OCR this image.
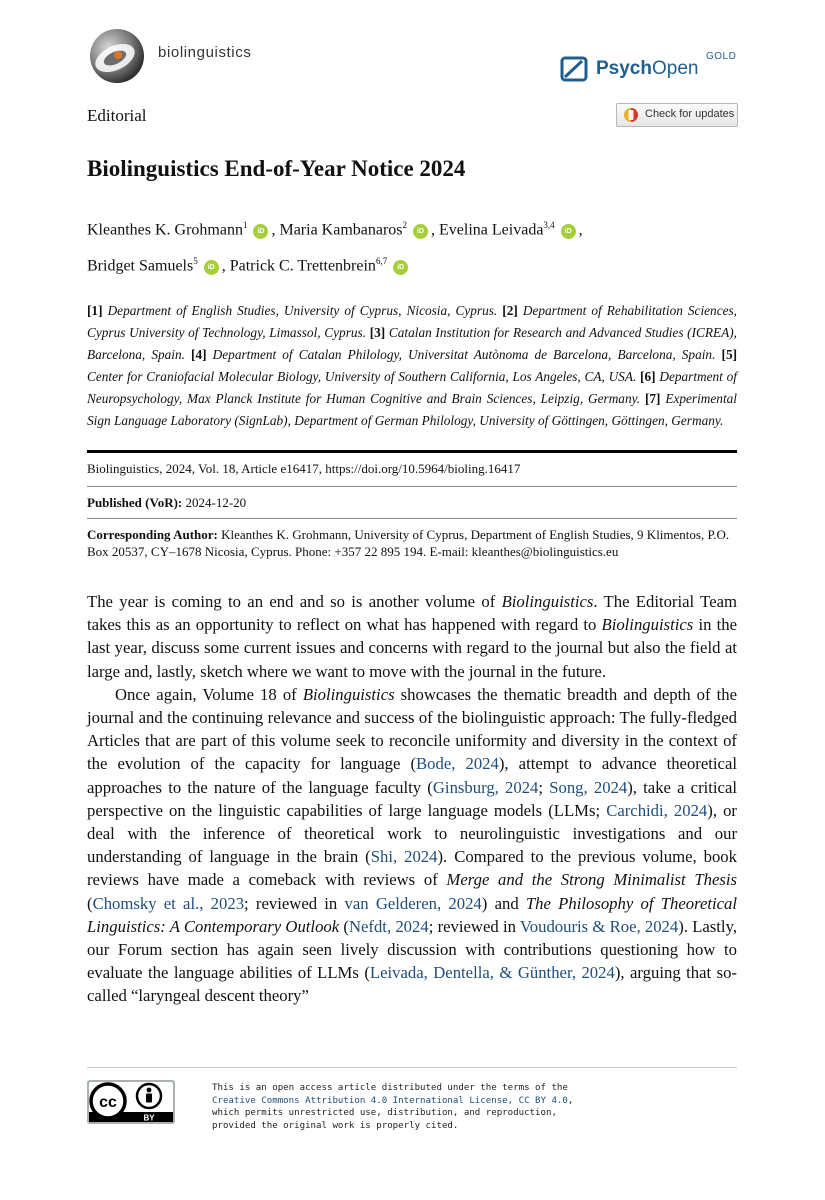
biolinguistics
PsychOpen
GOLD
Editorial	Check for updates
Biolinguistics End-of-Year Notice 2024
Kleanthes K. Grohmann$^1$iD , Maria Kambanaros$^2$iD , Evelina Leivada$^{3,4}$iD ,
Bridget Samuels$^5$iD , Patrick C. Trettenbrein$^{6,7}$iD
[1] Department of English Studies, University of Cyprus, Nicosia, Cyprus. [2] Department of Rehabilitation Sciences, Cyprus University of Technology, Limassol, Cyprus. [3] Catalan Institution for Research and Advanced Studies (ICREA), Barcelona, Spain. [4] Department of Catalan Philology, Universitat Autònoma de Barcelona, Barcelona, Spain. [5] Center for Craniofacial Molecular Biology, University of Southern California, Los Angeles, CA, USA. [6] Department of Neuropsychology, Max Planck Institute for Human Cognitive and Brain Sciences, Leipzig, Germany. [7] Experimental Sign Language Laboratory (SignLab), Department of German Philology, University of Göttingen, Göttingen, Germany.
Biolinguistics, 2024, Vol. 18, Article e16417, https://doi.org/10.5964/bioling.16417
Published (VoR): 2024-12-20
Corresponding Author: Kleanthes K. Grohmann, University of Cyprus, Department of English Studies, 9 Klimentos, P.O. Box 20537, CY–1678 Nicosia, Cyprus. Phone: +357 22 895 194. E-mail: kleanthes@biolinguistics.eu

The year is coming to an end and so is another volume of Biolinguistics. The Editorial Team takes this as an opportunity to reflect on what has happened with regard to Biolinguistics in the last year, discuss some current issues and concerns with regard to the journal but also the field at large and, lastly, sketch where we want to move with the journal in the future.

Once again, Volume 18 of Biolinguistics showcases the thematic breadth and depth of the journal and the continuing relevance and success of the biolinguistic approach: The fully-fledged Articles that are part of this volume seek to reconcile uniformity and diversity in the context of the evolution of the capacity for language (Bode, 2024), attempt to advance theoretical approaches to the nature of the language faculty (Ginsburg, 2024; Song, 2024), take a critical perspective on the linguistic capabilities of large language models (LLMs; Carchidi, 2024), or deal with the inference of theoretical work to neurolinguistic investigations and our understanding of language in the brain (Shi, 2024). Compared to the previous volume, book reviews have made a comeback with reviews of Merge and the Strong Minimalist Thesis (Chomsky et al., 2023; reviewed in van Gelderen, 2024) and The Philosophy of Theoretical Linguistics: A Contemporary Outlook (Nefdt, 2024; reviewed in Voudouris & Roe, 2024). Lastly, our Forum section has again seen lively discussion with contributions questioning how to evaluate the language abilities of LLMs (Leivada, Dentella, & Günther, 2024), arguing that so-called “laryngeal descent theory”

cc
BY
This is an open access article distributed under the terms of the Creative Commons Attribution 4.0 International License, CC BY 4.0, which permits unrestricted use, distribution, and reproduction, provided the original work is properly cited.
